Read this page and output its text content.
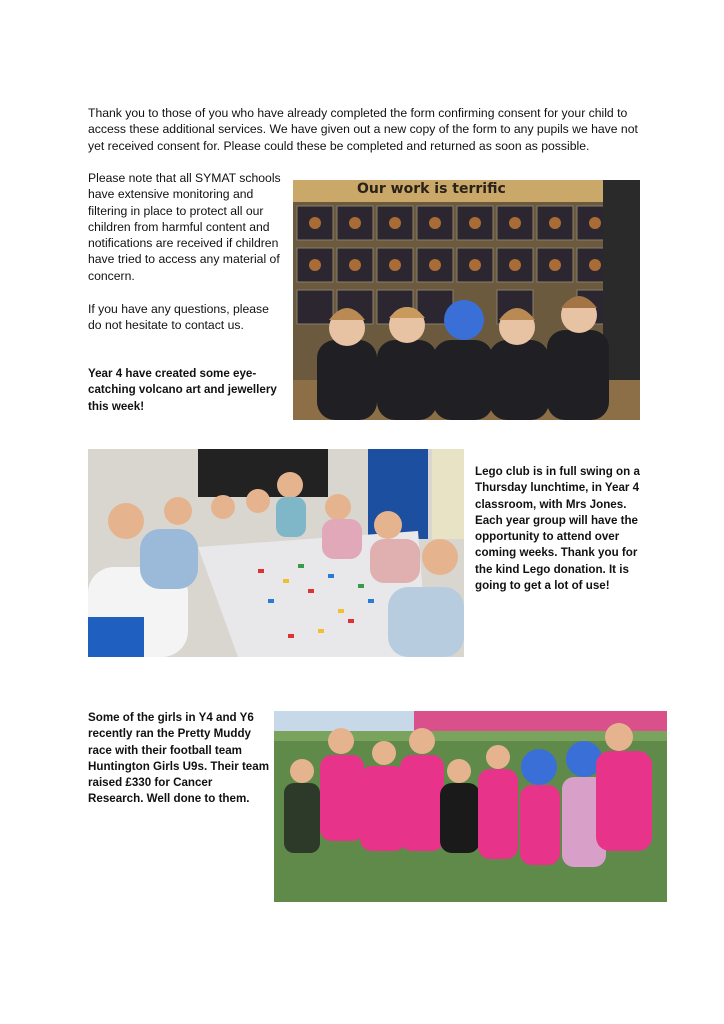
Thank you to those of you who have already completed the form confirming consent for your child to access these additional services. We have given out a new copy of the form to any pupils we have not yet received consent for. Please could these be completed and returned as soon as possible.

Please note that all SYMAT schools have extensive monitoring and filtering in place to protect all our children from harmful content and notifications are received if children have tried to access any material of concern.

If you have any questions, please do not hesitate to contact us.

Year 4 have created some eye-catching volcano art and jewellery this week!

Our work is terrific

Lego club is in full swing on a Thursday lunchtime, in Year 4 classroom, with Mrs Jones. Each year group will have the opportunity to attend over coming weeks. Thank you for the kind Lego donation. It is going to get a lot of use!

Some of the girls in Y4 and Y6 recently ran the Pretty Muddy race with their football team Huntington Girls U9s. Their team raised £330 for Cancer Research. Well done to them.
